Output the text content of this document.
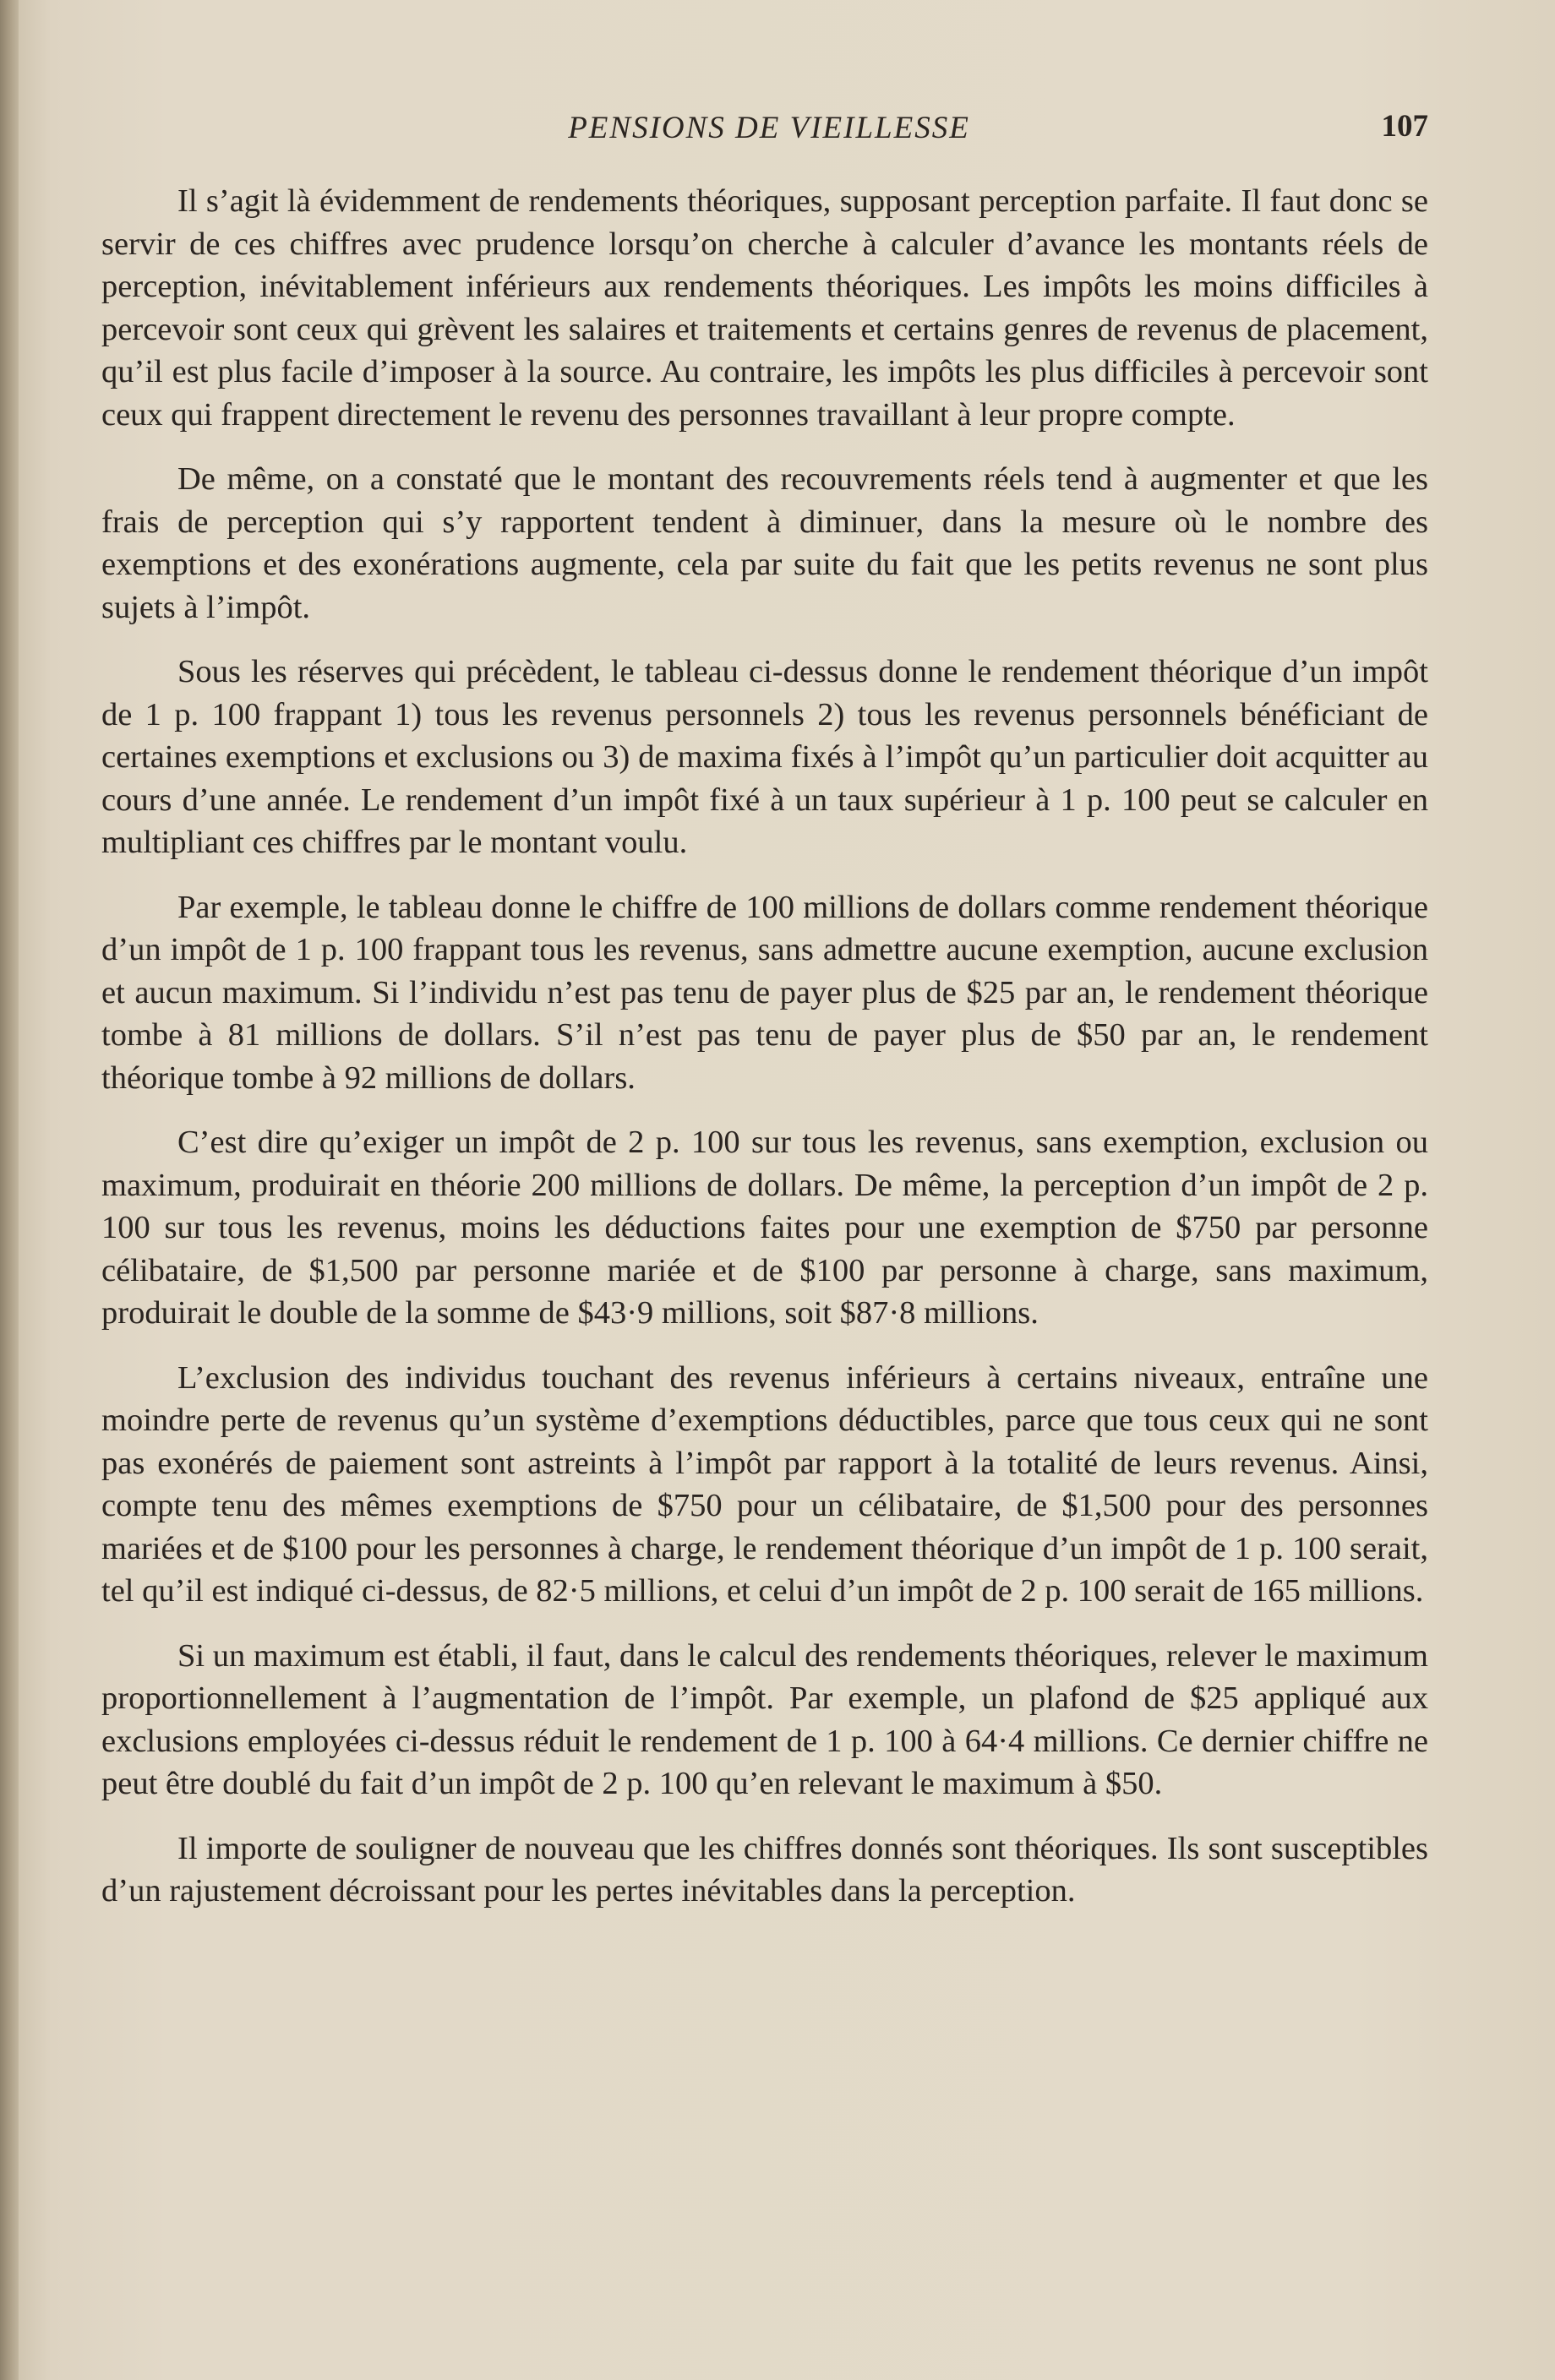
PENSIONS DE VIEILLESSE	107

Il s’agit là évidemment de rendements théoriques, supposant perception parfaite. Il faut donc se servir de ces chiffres avec prudence lorsqu’on cherche à calculer d’avance les montants réels de perception, inévitablement inférieurs aux rendements théoriques. Les impôts les moins difficiles à percevoir sont ceux qui grèvent les salaires et traitements et certains genres de revenus de placement, qu’il est plus facile d’imposer à la source. Au contraire, les impôts les plus difficiles à percevoir sont ceux qui frappent directement le revenu des personnes travaillant à leur propre compte.

De même, on a constaté que le montant des recouvrements réels tend à augmenter et que les frais de perception qui s’y rapportent tendent à diminuer, dans la mesure où le nombre des exemptions et des exonérations augmente, cela par suite du fait que les petits revenus ne sont plus sujets à l’impôt.

Sous les réserves qui précèdent, le tableau ci-dessus donne le rendement théorique d’un impôt de 1 p. 100 frappant 1) tous les revenus personnels 2) tous les revenus personnels bénéficiant de certaines exemptions et exclusions ou 3) de maxima fixés à l’impôt qu’un particulier doit acquitter au cours d’une année. Le rendement d’un impôt fixé à un taux supérieur à 1 p. 100 peut se calculer en multipliant ces chiffres par le montant voulu.

Par exemple, le tableau donne le chiffre de 100 millions de dollars comme rendement théorique d’un impôt de 1 p. 100 frappant tous les revenus, sans admettre aucune exemption, aucune exclusion et aucun maximum. Si l’individu n’est pas tenu de payer plus de $25 par an, le rendement théorique tombe à 81 millions de dollars. S’il n’est pas tenu de payer plus de $50 par an, le rendement théorique tombe à 92 millions de dollars.

C’est dire qu’exiger un impôt de 2 p. 100 sur tous les revenus, sans exemption, exclusion ou maximum, produirait en théorie 200 millions de dollars. De même, la perception d’un impôt de 2 p. 100 sur tous les revenus, moins les déductions faites pour une exemption de $750 par personne célibataire, de $1,500 par personne mariée et de $100 par personne à charge, sans maximum, produirait le double de la somme de $43·9 millions, soit $87·8 millions.

L’exclusion des individus touchant des revenus inférieurs à certains niveaux, entraîne une moindre perte de revenus qu’un système d’exemptions déductibles, parce que tous ceux qui ne sont pas exonérés de paiement sont astreints à l’impôt par rapport à la totalité de leurs revenus. Ainsi, compte tenu des mêmes exemptions de $750 pour un célibataire, de $1,500 pour des personnes mariées et de $100 pour les personnes à charge, le rendement théorique d’un impôt de 1 p. 100 serait, tel qu’il est indiqué ci-dessus, de 82·5 millions, et celui d’un impôt de 2 p. 100 serait de 165 millions.

Si un maximum est établi, il faut, dans le calcul des rendements théoriques, relever le maximum proportionnellement à l’augmentation de l’impôt. Par exemple, un plafond de $25 appliqué aux exclusions employées ci-dessus réduit le rendement de 1 p. 100 à 64·4 millions. Ce dernier chiffre ne peut être doublé du fait d’un impôt de 2 p. 100 qu’en relevant le maximum à $50.

Il importe de souligner de nouveau que les chiffres donnés sont théoriques. Ils sont susceptibles d’un rajustement décroissant pour les pertes inévitables dans la perception.
